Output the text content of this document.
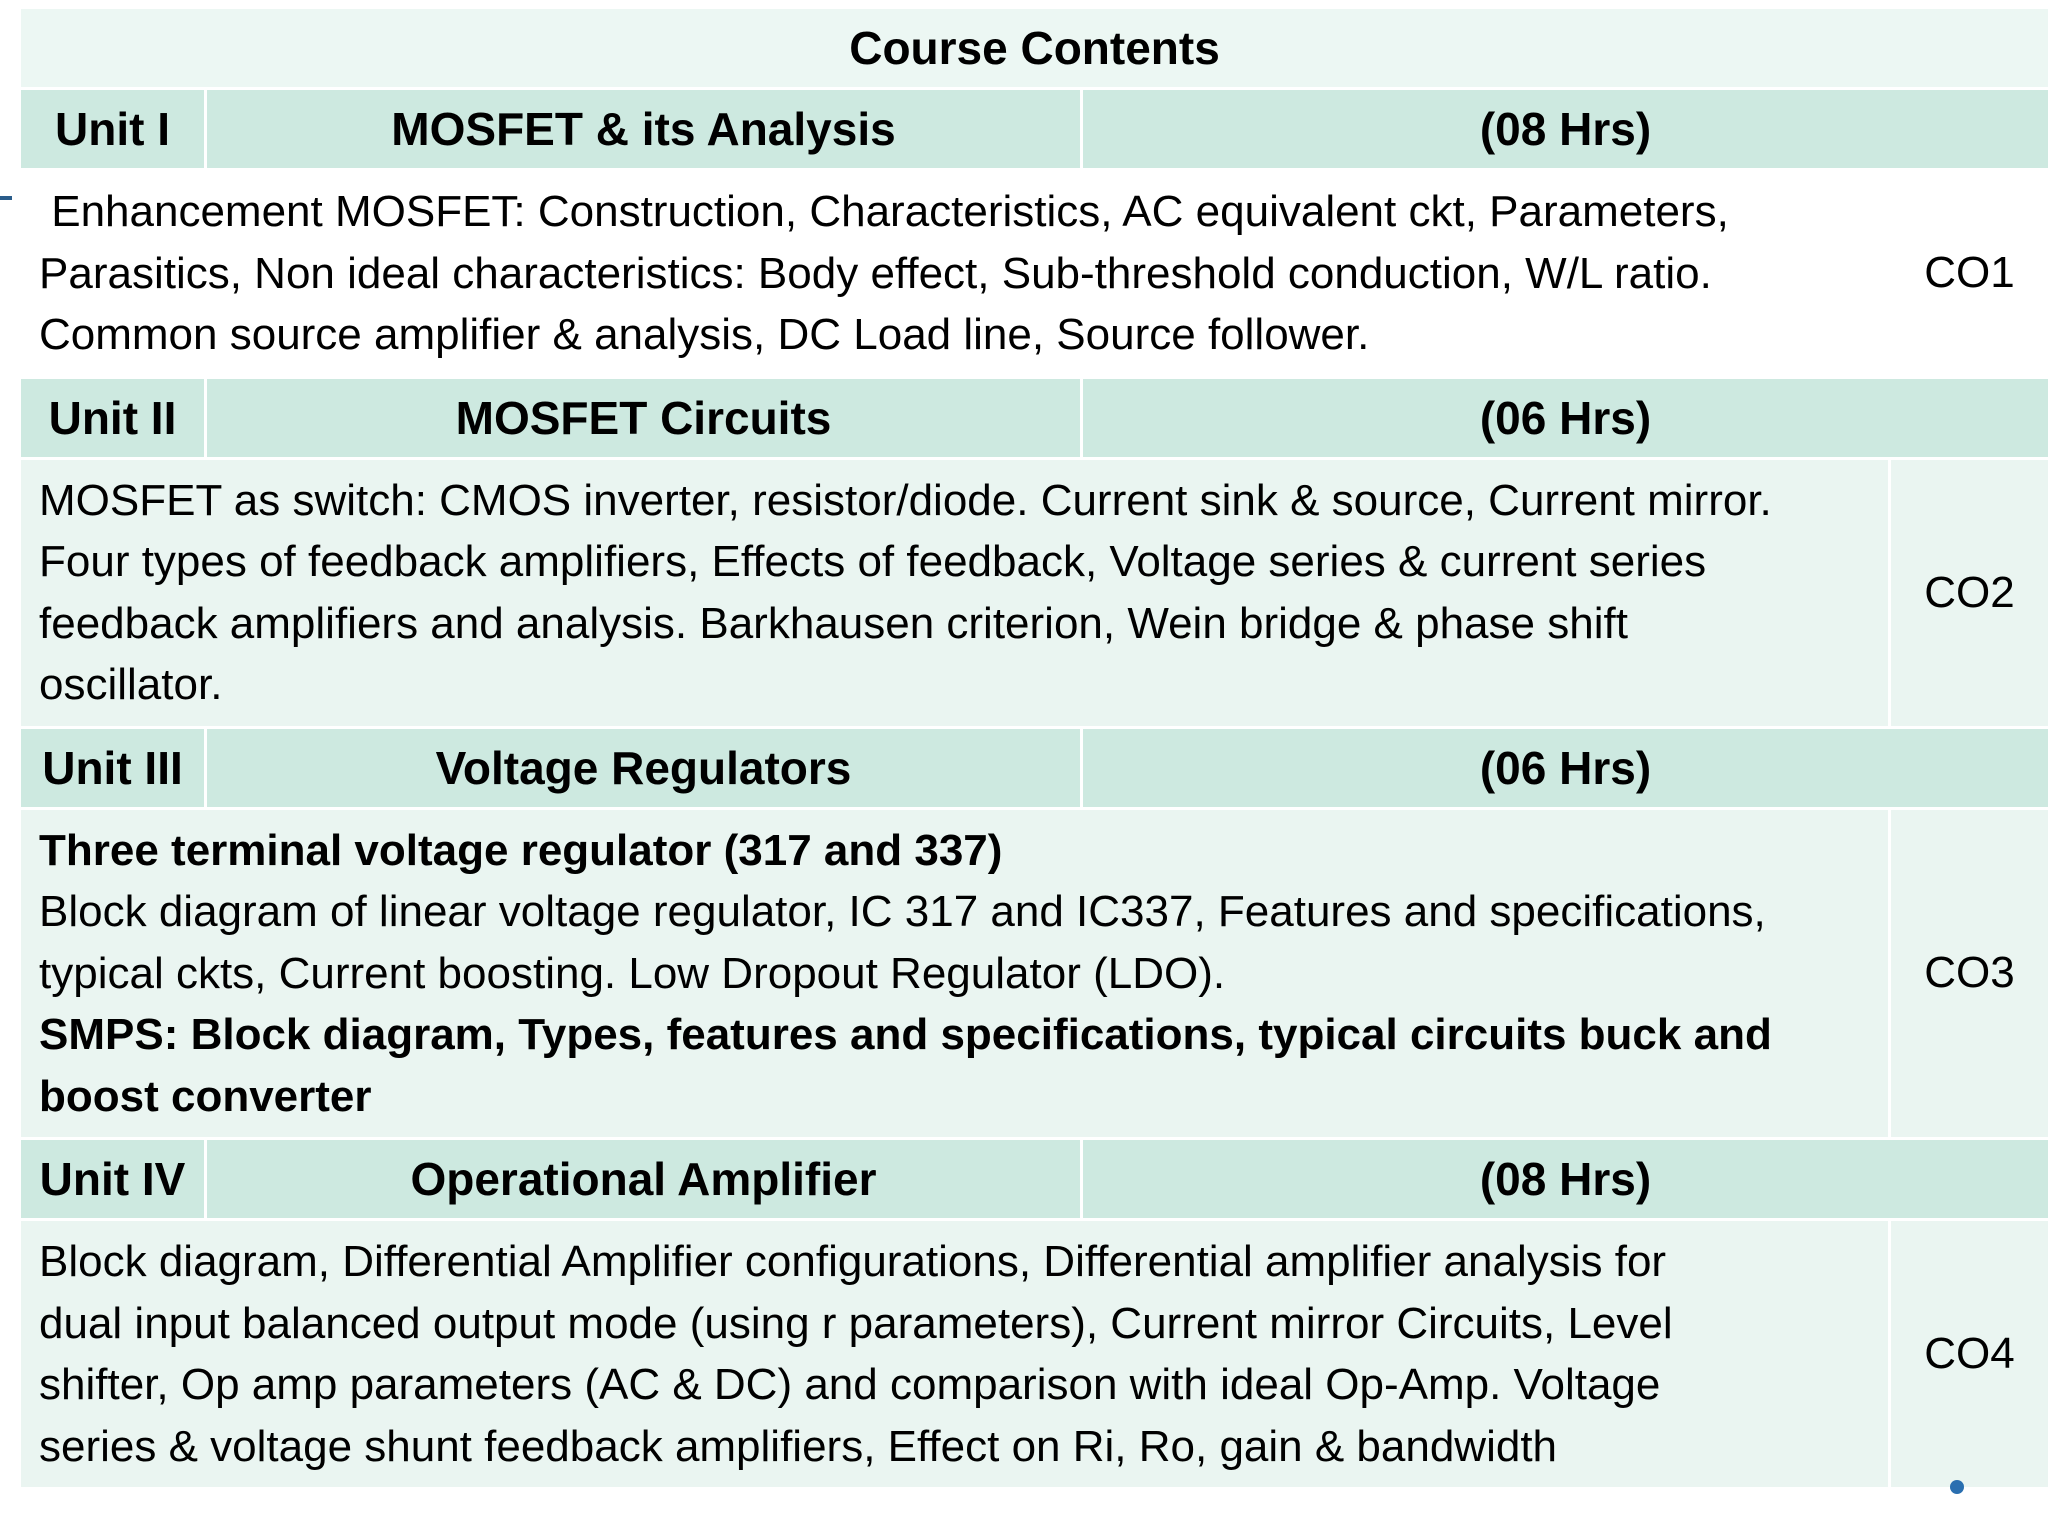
Course Contents			
Unit I	MOSFET & its Analysis	(08 Hrs)	

Enhancement MOSFET: Construction, Characteristics, AC equivalent ckt, Parameters,
Parasitics, Non ideal characteristics: Body effect, Sub-threshold conduction, W/L ratio.
Common source amplifier & analysis, DC Load line, Source follower.			CO1
Unit II	MOSFET Circuits	(06 Hrs)	

MOSFET as switch: CMOS inverter, resistor/diode. Current sink & source, Current mirror.
Four types of feedback amplifiers, Effects of feedback, Voltage series & current series
feedback amplifiers and analysis. Barkhausen criterion, Wein bridge & phase shift
oscillator.			CO2
Unit III	Voltage Regulators	(06 Hrs)	

Three terminal voltage regulator (317 and 337)
Block diagram of linear voltage regulator, IC 317 and IC337, Features and specifications,
typical ckts, Current boosting. Low Dropout Regulator (LDO).
SMPS: Block diagram, Types, features and specifications, typical circuits buck and
boost converter			CO3
Unit IV	Operational Amplifier	(08 Hrs)	

Block diagram, Differential Amplifier configurations, Differential amplifier analysis for
dual input balanced output mode (using r parameters), Current mirror Circuits, Level
shifter, Op amp parameters (AC & DC) and comparison with ideal Op-Amp. Voltage
series & voltage shunt feedback amplifiers, Effect on Ri, Ro, gain & bandwidth			CO4
